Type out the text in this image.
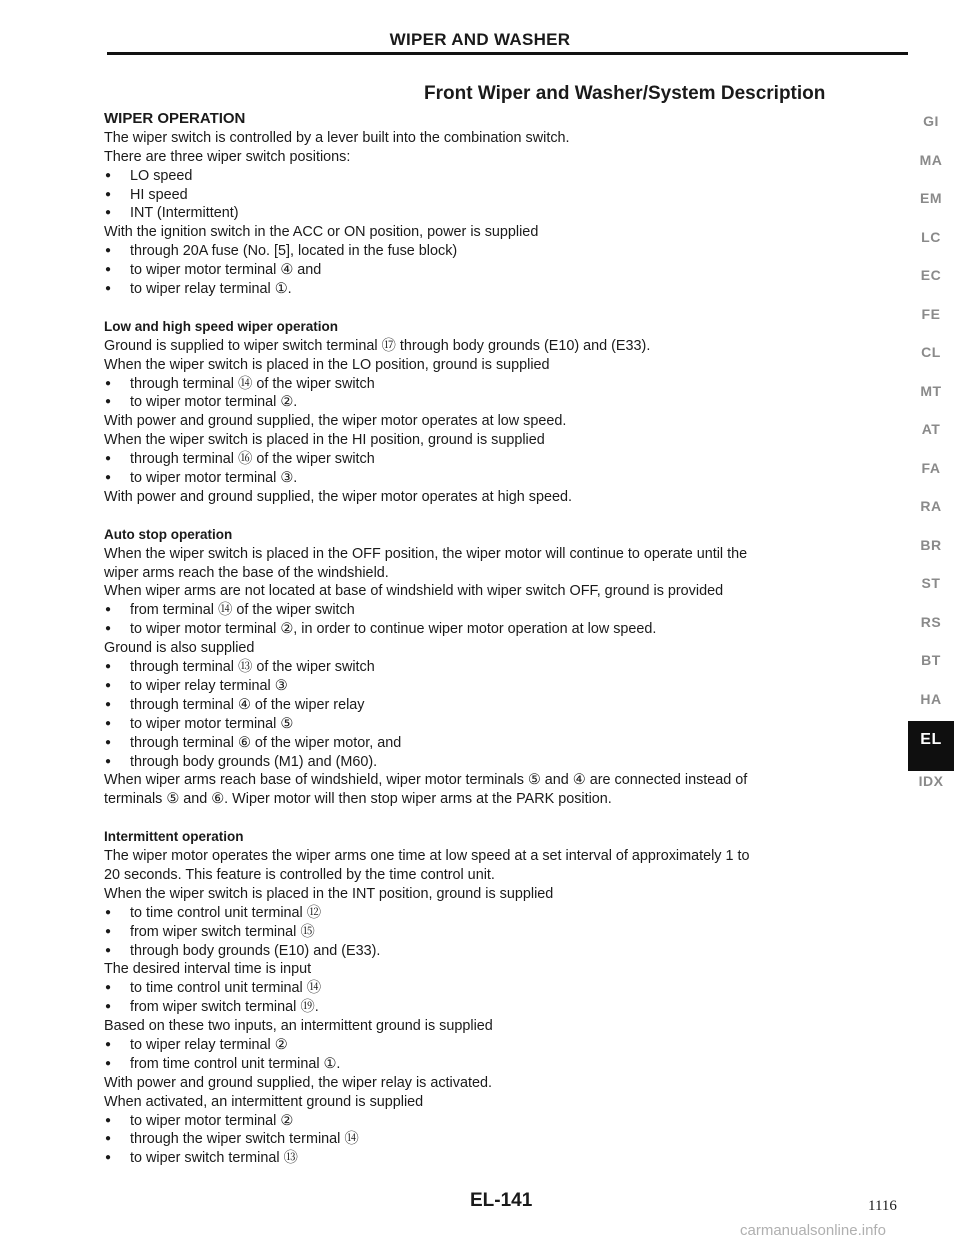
WIPER AND WASHER
Front Wiper and Washer/System Description
WIPER OPERATION
The wiper switch is controlled by a lever built into the combination switch.
There are three wiper switch positions:
● LO speed
● HI speed
● INT (Intermittent)
With the ignition switch in the ACC or ON position, power is supplied
● through 20A fuse (No. [5], located in the fuse block)
● to wiper motor terminal ④ and
● to wiper relay terminal ①.
Low and high speed wiper operation
Ground is supplied to wiper switch terminal ⑰ through body grounds (E10) and (E33).
When the wiper switch is placed in the LO position, ground is supplied
● through terminal ⑭ of the wiper switch
● to wiper motor terminal ②.
With power and ground supplied, the wiper motor operates at low speed.
When the wiper switch is placed in the HI position, ground is supplied
● through terminal ⑯ of the wiper switch
● to wiper motor terminal ③.
With power and ground supplied, the wiper motor operates at high speed.
Auto stop operation
When the wiper switch is placed in the OFF position, the wiper motor will continue to operate until the
wiper arms reach the base of the windshield.
When wiper arms are not located at base of windshield with wiper switch OFF, ground is provided
● from terminal ⑭ of the wiper switch
● to wiper motor terminal ②, in order to continue wiper motor operation at low speed.
Ground is also supplied
● through terminal ⑬ of the wiper switch
● to wiper relay terminal ③
● through terminal ④ of the wiper relay
● to wiper motor terminal ⑤
● through terminal ⑥ of the wiper motor, and
● through body grounds (M1) and (M60).
When wiper arms reach base of windshield, wiper motor terminals ⑤ and ④ are connected instead of
terminals ⑤ and ⑥. Wiper motor will then stop wiper arms at the PARK position.
Intermittent operation
The wiper motor operates the wiper arms one time at low speed at a set interval of approximately 1 to
20 seconds. This feature is controlled by the time control unit.
When the wiper switch is placed in the INT position, ground is supplied
● to time control unit terminal ⑫
● from wiper switch terminal ⑮
● through body grounds (E10) and (E33).
The desired interval time is input
● to time control unit terminal ⑭
● from wiper switch terminal ⑲.
Based on these two inputs, an intermittent ground is supplied
● to wiper relay terminal ②
● from time control unit terminal ①.
With power and ground supplied, the wiper relay is activated.
When activated, an intermittent ground is supplied
● to wiper motor terminal ②
● through the wiper switch terminal ⑭
● to wiper switch terminal ⑬
GI
MA
EM
LC
EC
FE
CL
MT
AT
FA
RA
BR
ST
RS
BT
HA
EL
IDX
EL-141	1116
carmanualsonline.info
